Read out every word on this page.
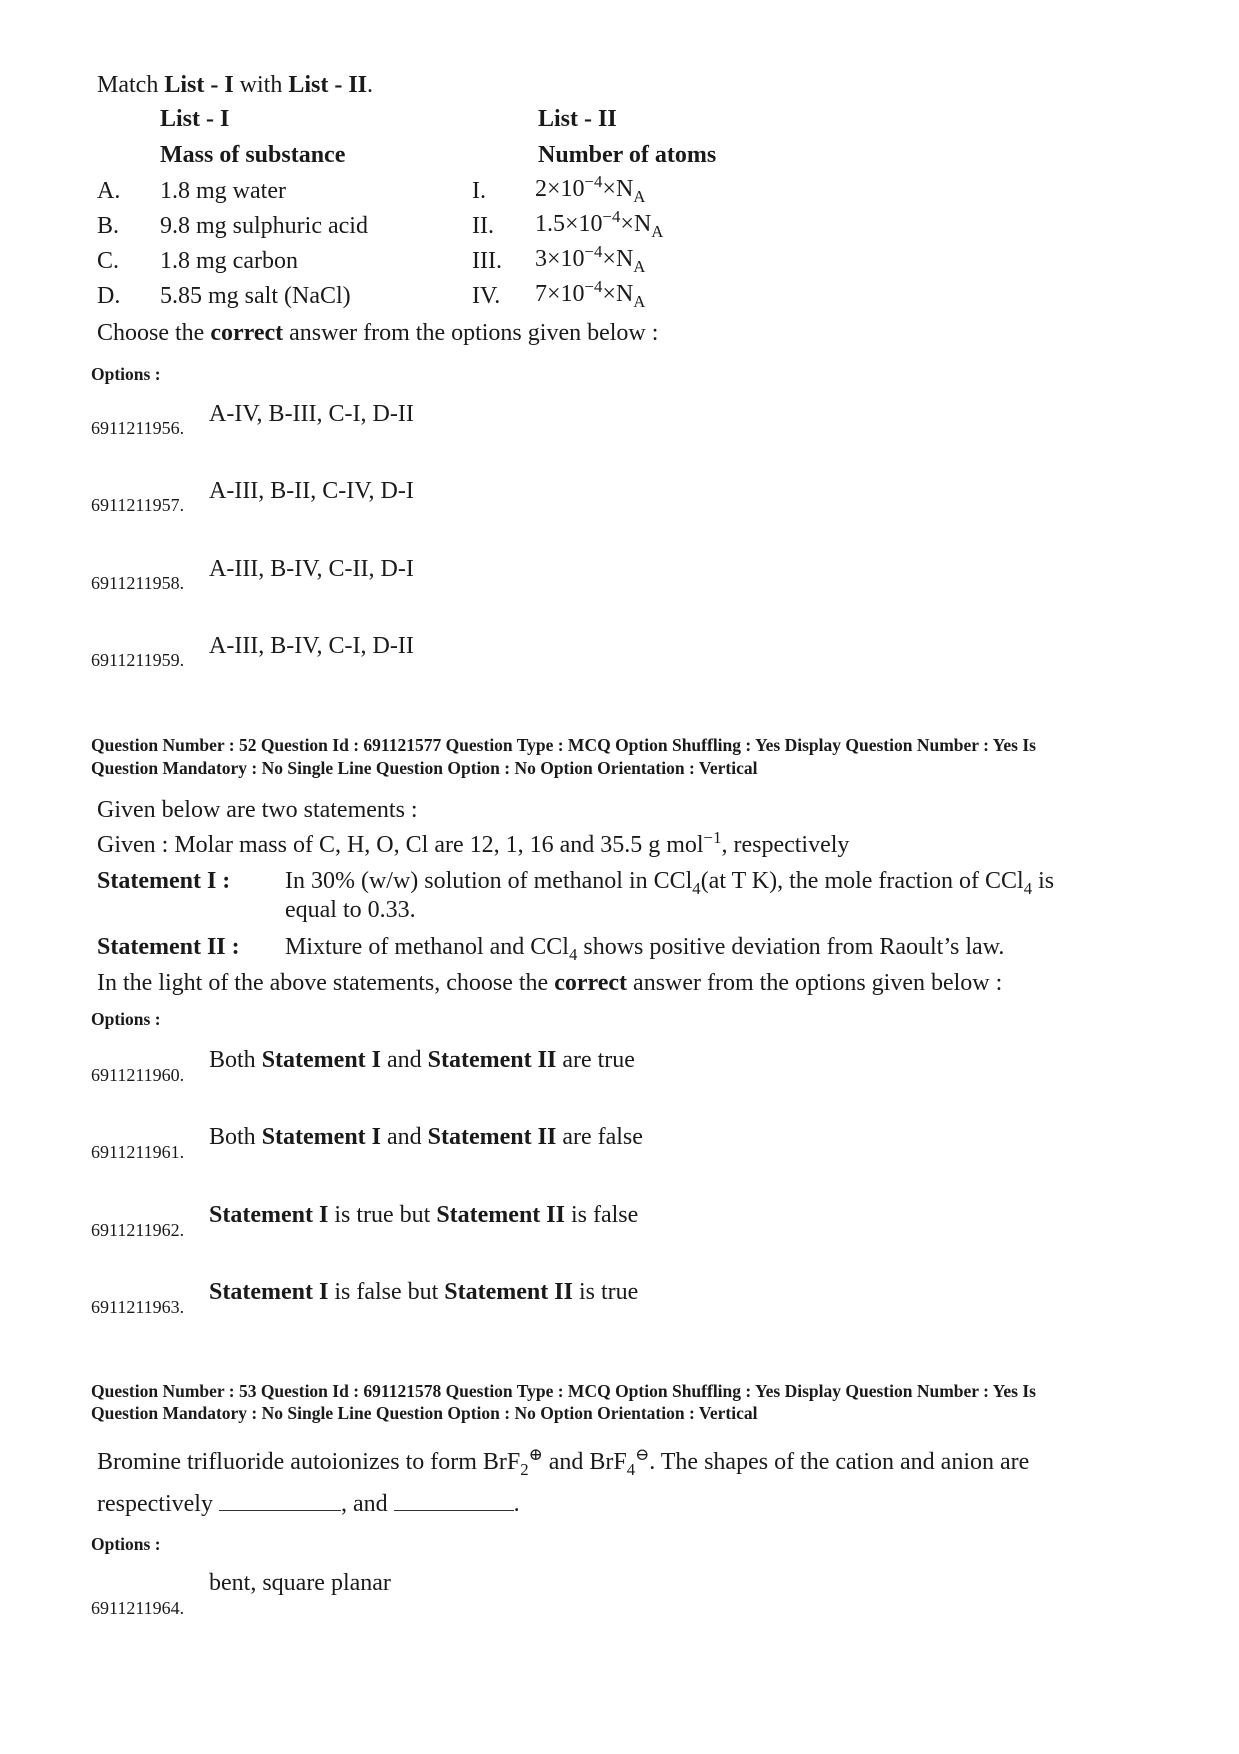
Match List - I with List - II.
List - I	List - II
Mass of substance	Number of atoms
A. 1.8 mg water	I. $2\times 10^{-4}\times N_A$
B. 9.8 mg sulphuric acid	II. $1.5\times 10^{-4}\times N_A$
C. 1.8 mg carbon	III. $3\times 10^{-4}\times N_A$
D. 5.85 mg salt (NaCl)	IV. $7\times 10^{-4}\times N_A$
Choose the correct answer from the options given below :
Options :
6911211956.
A-IV, B-III, C-I, D-II
6911211957.
A-III, B-II, C-IV, D-I
6911211958.
A-III, B-IV, C-II, D-I
6911211959.
A-III, B-IV, C-I, D-II
Question Number : 52 Question Id : 691121577 Question Type : MCQ Option Shuffling : Yes Display Question Number : Yes Is
Question Mandatory : No Single Line Question Option : No Option Orientation : Vertical
Given below are two statements :
Given : Molar mass of C, H, O, Cl are 12, 1, 16 and 35.5 g mol$^{-1}$, respectively
Statement I : In 30% (w/w) solution of methanol in CCl$_4$(at T K), the mole fraction of CCl$_4$ is
equal to 0.33.
Statement II : Mixture of methanol and CCl$_4$ shows positive deviation from Raoult’s law.
In the light of the above statements, choose the correct answer from the options given below :
Options :
6911211960.
Both Statement I and Statement II are true
6911211961.
Both Statement I and Statement II are false
6911211962.
Statement I is true but Statement II is false
6911211963.
Statement I is false but Statement II is true
Question Number : 53 Question Id : 691121578 Question Type : MCQ Option Shuffling : Yes Display Question Number : Yes Is
Question Mandatory : No Single Line Question Option : No Option Orientation : Vertical
Bromine trifluoride autoionizes to form BrF$_2$⊕ and BrF$_4$⊖. The shapes of the cation and anion are
respectively	, and	.
Options :
6911211964.
bent, square planar
